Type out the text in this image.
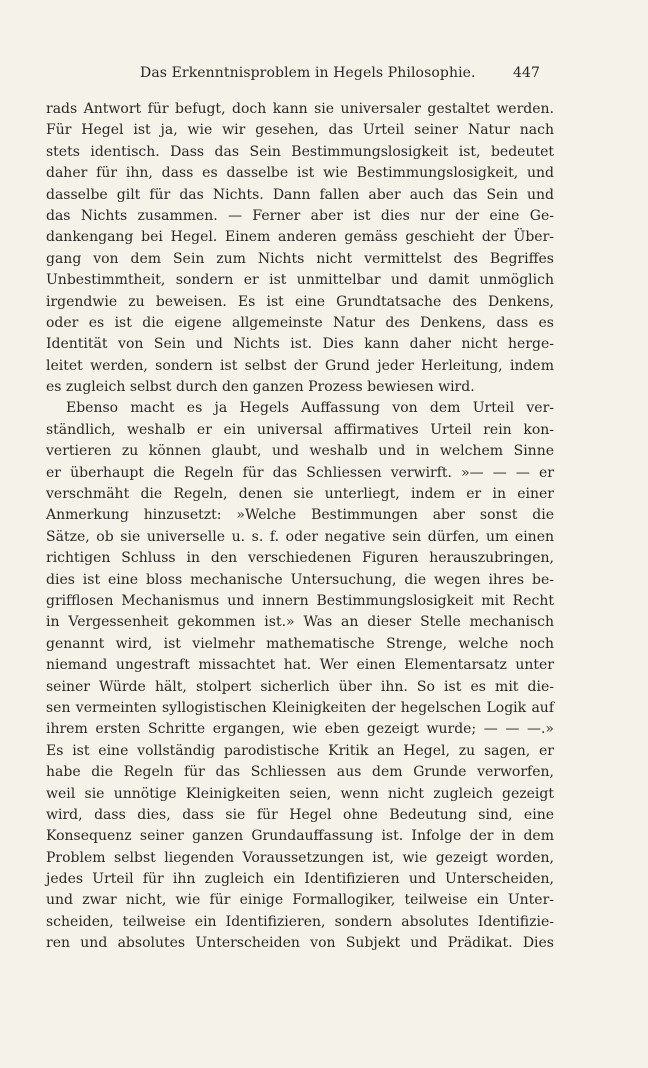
Das Erkenntnisproblem in Hegels Philosophie.	447
rads Antwort für befugt, doch kann sie universaler gestaltet werden.
Für Hegel ist ja, wie wir gesehen, das Urteil seiner Natur nach
stets identisch. Dass das Sein Bestimmungslosigkeit ist, bedeutet
daher für ihn, dass es dasselbe ist wie Bestimmungslosigkeit, und
dasselbe gilt für das Nichts. Dann fallen aber auch das Sein und
das Nichts zusammen. — Ferner aber ist dies nur der eine Ge-
dankengang bei Hegel. Einem anderen gemäss geschieht der Über-
gang von dem Sein zum Nichts nicht vermittelst des Begriffes
Unbestimmtheit, sondern er ist unmittelbar und damit unmöglich
irgendwie zu beweisen. Es ist eine Grundtatsache des Denkens,
oder es ist die eigene allgemeinste Natur des Denkens, dass es
Identität von Sein und Nichts ist. Dies kann daher nicht herge-
leitet werden, sondern ist selbst der Grund jeder Herleitung, indem
es zugleich selbst durch den ganzen Prozess bewiesen wird.
Ebenso macht es ja Hegels Auffassung von dem Urteil ver-
ständlich, weshalb er ein universal affirmatives Urteil rein kon-
vertieren zu können glaubt, und weshalb und in welchem Sinne
er überhaupt die Regeln für das Schliessen verwirft. »— — — er
verschmäht die Regeln, denen sie unterliegt, indem er in einer
Anmerkung hinzusetzt: »Welche Bestimmungen aber sonst die
Sätze, ob sie universelle u. s. f. oder negative sein dürfen, um einen
richtigen Schluss in den verschiedenen Figuren herauszubringen,
dies ist eine bloss mechanische Untersuchung, die wegen ihres be-
grifflosen Mechanismus und innern Bestimmungslosigkeit mit Recht
in Vergessenheit gekommen ist.» Was an dieser Stelle mechanisch
genannt wird, ist vielmehr mathematische Strenge, welche noch
niemand ungestraft missachtet hat. Wer einen Elementarsatz unter
seiner Würde hält, stolpert sicherlich über ihn. So ist es mit die-
sen vermeinten syllogistischen Kleinigkeiten der hegelschen Logik auf
ihrem ersten Schritte ergangen, wie eben gezeigt wurde; — — —.»
Es ist eine vollständig parodistische Kritik an Hegel, zu sagen, er
habe die Regeln für das Schliessen aus dem Grunde verworfen,
weil sie unnötige Kleinigkeiten seien, wenn nicht zugleich gezeigt
wird, dass dies, dass sie für Hegel ohne Bedeutung sind, eine
Konsequenz seiner ganzen Grundauffassung ist. Infolge der in dem
Problem selbst liegenden Voraussetzungen ist, wie gezeigt worden,
jedes Urteil für ihn zugleich ein Identifizieren und Unterscheiden,
und zwar nicht, wie für einige Formallogiker, teilweise ein Unter-
scheiden, teilweise ein Identifizieren, sondern absolutes Identifizie-
ren und absolutes Unterscheiden von Subjekt und Prädikat. Dies
